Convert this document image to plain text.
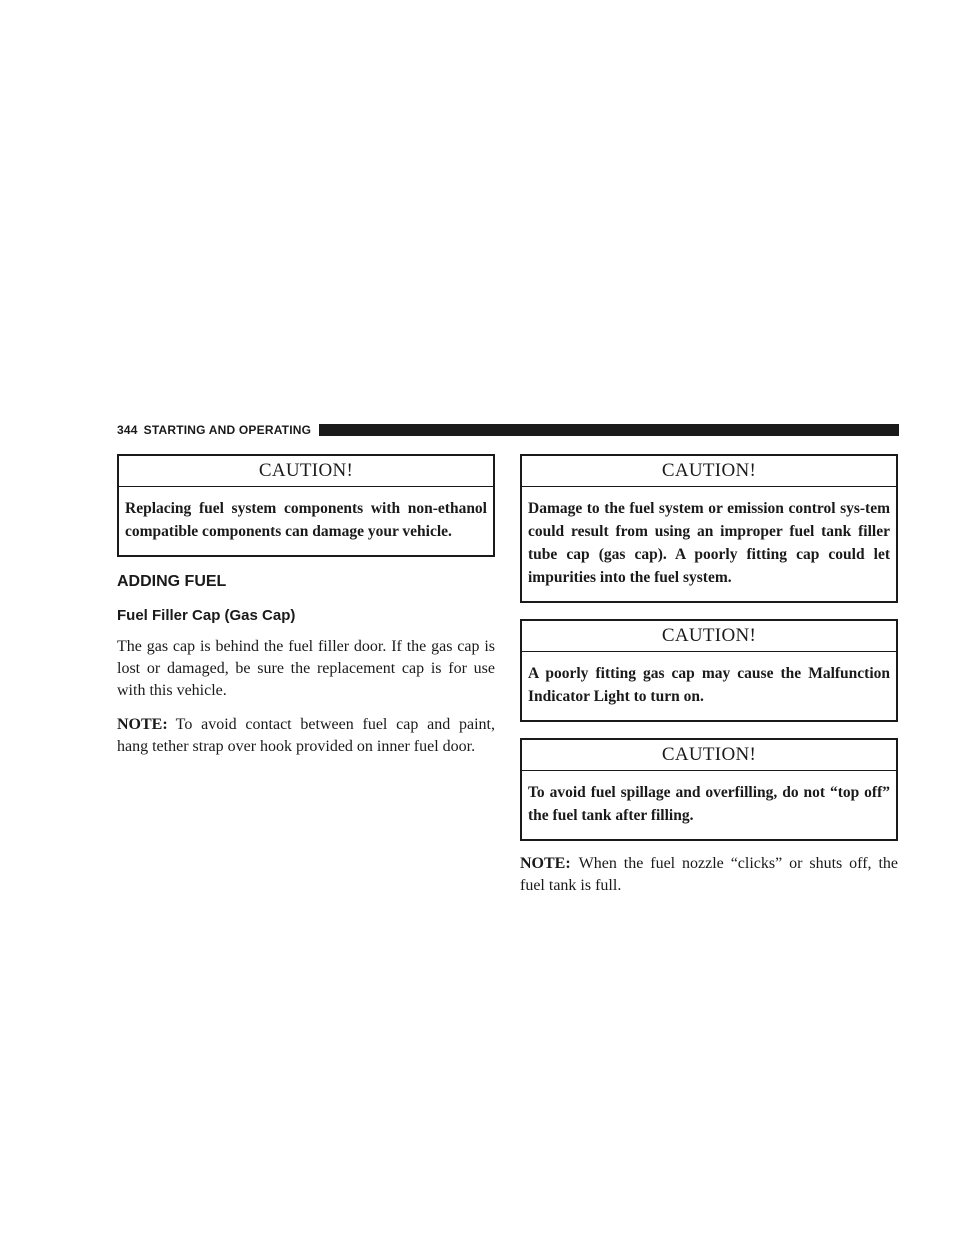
344 STARTING AND OPERATING
CAUTION!
Replacing fuel system components with non-ethanol compatible components can damage your vehicle.
ADDING FUEL
Fuel Filler Cap (Gas Cap)

The gas cap is behind the fuel filler door. If the gas cap is lost or damaged, be sure the replacement cap is for use with this vehicle.

NOTE: To avoid contact between fuel cap and paint, hang tether strap over hook provided on inner fuel door.

CAUTION!
Damage to the fuel system or emission control sys-tem could result from using an improper fuel tank filler tube cap (gas cap). A poorly fitting cap could let impurities into the fuel system.
CAUTION!
A poorly fitting gas cap may cause the Malfunction Indicator Light to turn on.
CAUTION!
To avoid fuel spillage and overfilling, do not “top off” the fuel tank after filling.

NOTE: When the fuel nozzle “clicks” or shuts off, the fuel tank is full.
